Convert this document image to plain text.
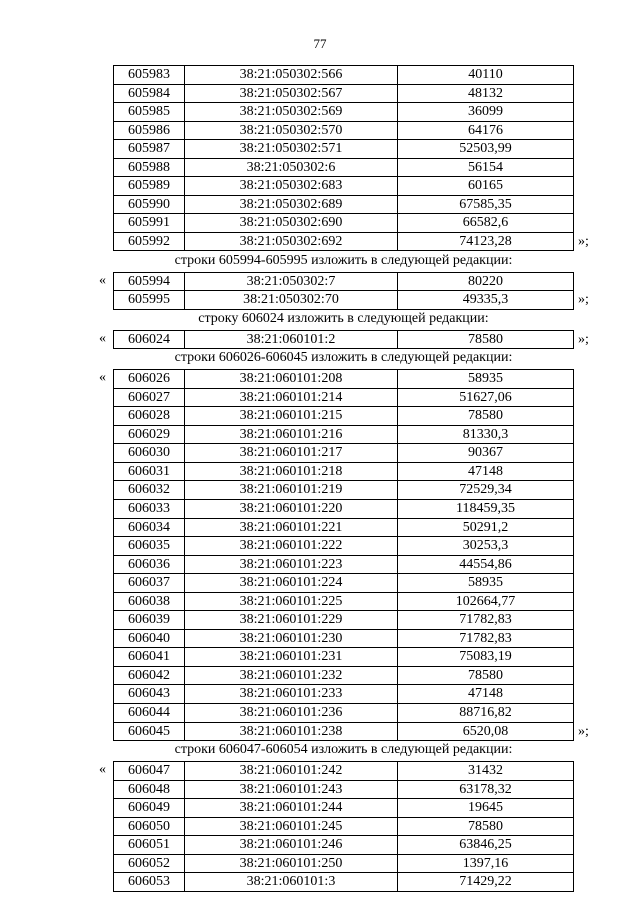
77
605983	38:21:050302:566	40110
605984	38:21:050302:567	48132
605985	38:21:050302:569	36099
605986	38:21:050302:570	64176
605987	38:21:050302:571	52503,99
605988	38:21:050302:6	56154
605989	38:21:050302:683	60165
605990	38:21:050302:689	67585,35
605991	38:21:050302:690	66582,6
605992	38:21:050302:692	74123,28	»;
строки 605994-605995 изложить в следующей редакции:
605994	38:21:050302:7	80220
605995	38:21:050302:70	49335,3
«
»;
строку 606024 изложить в следующей редакции:
606024	38:21:060101:2	78580
«	»;
строки 606026-606045 изложить в следующей редакции:
606026	38:21:060101:208	58935
606027	38:21:060101:214	51627,06
606028	38:21:060101:215	78580
606029	38:21:060101:216	81330,3
606030	38:21:060101:217	90367
606031	38:21:060101:218	47148
606032	38:21:060101:219	72529,34
606033	38:21:060101:220	118459,35
606034	38:21:060101:221	50291,2
606035	38:21:060101:222	30253,3
606036	38:21:060101:223	44554,86
606037	38:21:060101:224	58935
606038	38:21:060101:225	102664,77
606039	38:21:060101:229	71782,83
606040	38:21:060101:230	71782,83
606041	38:21:060101:231	75083,19
606042	38:21:060101:232	78580
606043	38:21:060101:233	47148
606044	38:21:060101:236	88716,82
606045	38:21:060101:238	6520,08
«
»;
строки 606047-606054 изложить в следующей редакции:
606047	38:21:060101:242	31432
606048	38:21:060101:243	63178,32
606049	38:21:060101:244	19645
606050	38:21:060101:245	78580
606051	38:21:060101:246	63846,25
606052	38:21:060101:250	1397,16
606053	38:21:060101:3	71429,22
«
